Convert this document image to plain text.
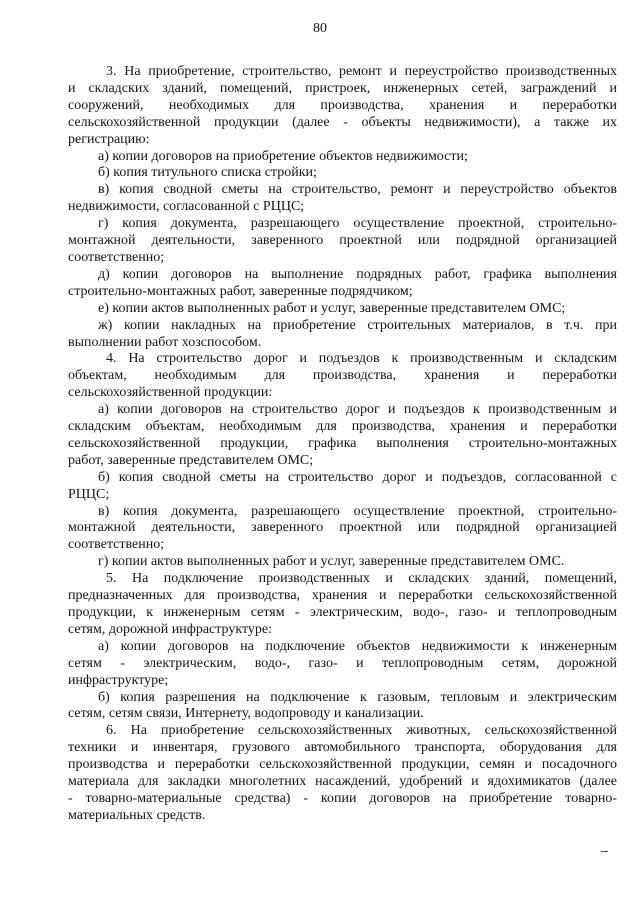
80
3. На приобретение, строительство, ремонт и переустройство производственных
и складских зданий, помещений, пристроек, инженерных сетей, заграждений и
сооружений, необходимых для производства, хранения и переработки
сельскохозяйственной продукции (далее - объекты недвижимости), а также их
регистрацию:
а) копии договоров на приобретение объектов недвижимости;
б) копия титульного списка стройки;
в) копия сводной сметы на строительство, ремонт и переустройство объектов
недвижимости, согласованной с РЦЦС;
г) копия документа, разрешающего осуществление проектной, строительно-
монтажной деятельности, заверенного проектной или подрядной организацией
соответственно;
д) копии договоров на выполнение подрядных работ, графика выполнения
строительно-монтажных работ, заверенные подрядчиком;
е) копии актов выполненных работ и услуг, заверенные представителем ОМС;
ж) копии накладных на приобретение строительных материалов, в т.ч. при
выполнении работ хозспособом.
4. На строительство дорог и подъездов к производственным и складским
объектам, необходимым для производства, хранения и переработки
сельскохозяйственной продукции:
а) копии договоров на строительство дорог и подъездов к производственным и
складским объектам, необходимым для производства, хранения и переработки
сельскохозяйственной продукции, графика выполнения строительно-монтажных
работ, заверенные представителем ОМС;
б) копия сводной сметы на строительство дорог и подъездов, согласованной с
РЦЦС;
в) копия документа, разрешающего осуществление проектной, строительно-
монтажной деятельности, заверенного проектной или подрядной организацией
соответственно;
г) копии актов выполненных работ и услуг, заверенные представителем ОМС.
5. На подключение производственных и складских зданий, помещений,
предназначенных для производства, хранения и переработки сельскохозяйственной
продукции, к инженерным сетям - электрическим, водо-, газо- и теплопроводным
сетям, дорожной инфраструктуре:
а) копии договоров на подключение объектов недвижимости к инженерным
сетям - электрическим, водо-, газо- и теплопроводным сетям, дорожной
инфраструктуре;
б) копия разрешения на подключение к газовым, тепловым и электрическим
сетям, сетям связи, Интернету, водопроводу и канализации.
6. На приобретение сельскохозяйственных животных, сельскохозяйственной
техники и инвентаря, грузового автомобильного транспорта, оборудования для
производства и переработки сельскохозяйственной продукции, семян и посадочного
материала для закладки многолетних насаждений, удобрений и ядохимикатов (далее
- товарно-материальные средства) - копии договоров на приобретение товарно-
материальных средств.
